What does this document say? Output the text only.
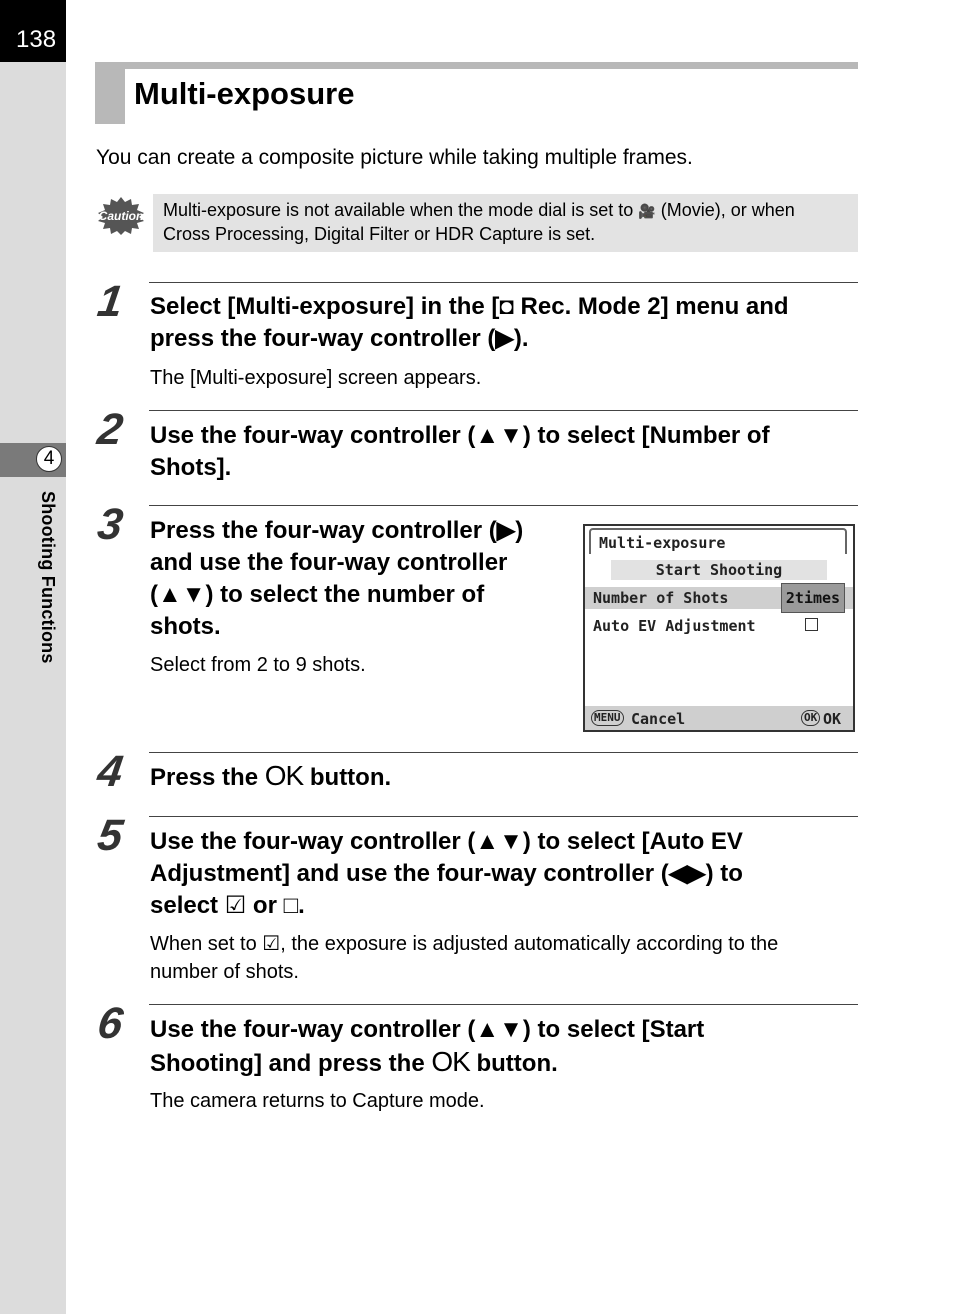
138
4
Shooting Functions
Multi-exposure
You can create a composite picture while taking multiple frames.
Caution	Multi-exposure is not available when the mode dial is set to 🎥 (Movie), or when
Cross Processing, Digital Filter or HDR Capture is set.
1 Select [Multi-exposure] in the [◘ Rec. Mode 2] menu and
press the four-way controller (▶).
The [Multi-exposure] screen appears.
2 Use the four-way controller (▲▼) to select [Number of
Shots].
3 Press the four-way controller (▶)
and use the four-way controller
(▲▼) to select the number of
shots.
Select from 2 to 9 shots.
Multi-exposure
Start Shooting
Number of Shots	2times
Auto EV Adjustment
MENU Cancel	OK OK
4 Press the OK button.
5 Use the four-way controller (▲▼) to select [Auto EV
Adjustment] and use the four-way controller (◀▶) to
select ☑ or □.
When set to ☑, the exposure is adjusted automatically according to the
number of shots.
6 Use the four-way controller (▲▼) to select [Start
Shooting] and press the OK button.
The camera returns to Capture mode.
